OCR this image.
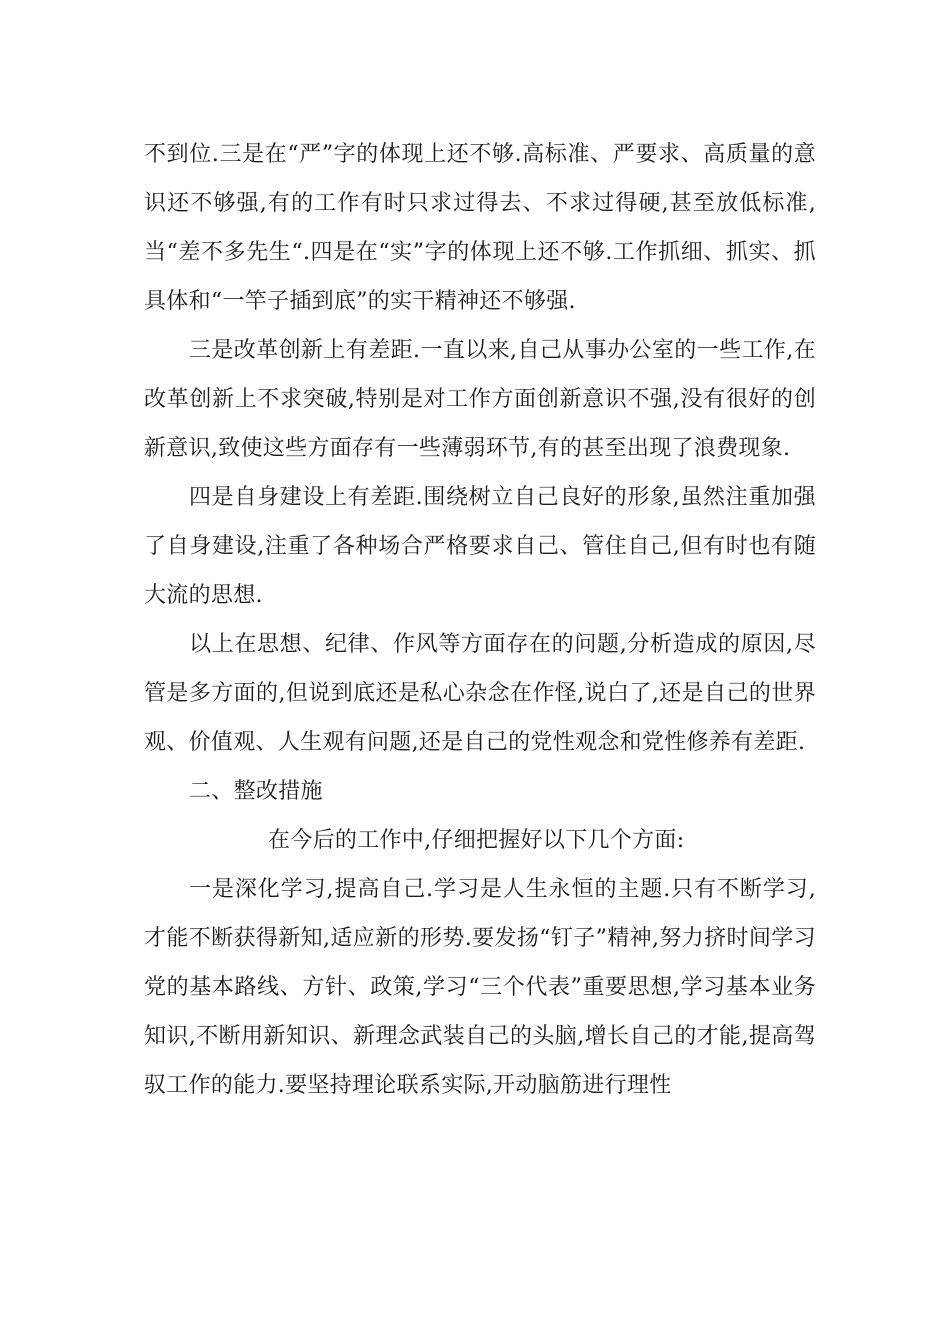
不到位.三是在“严”字的体现上还不够.高标准、严要求、高质量的意识还不够强,有的工作有时只求过得去、不求过得硬,甚至放低标准,当“差不多先生“.四是在“实”字的体现上还不够.工作抓细、抓实、抓具体和“一竿子插到底”的实干精神还不够强.

三是改革创新上有差距.一直以来,自己从事办公室的一些工作,在改革创新上不求突破,特别是对工作方面创新意识不强,没有很好的创新意识,致使这些方面存有一些薄弱环节,有的甚至出现了浪费现象.

四是自身建设上有差距.围绕树立自己良好的形象,虽然注重加强了自身建设,注重了各种场合严格要求自己、管住自己,但有时也有随大流的思想.

以上在思想、纪律、作风等方面存在的问题,分析造成的原因,尽管是多方面的,但说到底还是私心杂念在作怪,说白了,还是自己的世界观、价值观、人生观有问题,还是自己的党性观念和党性修养有差距.

二、整改措施

在今后的工作中,仔细把握好以下几个方面:

一是深化学习,提高自己.学习是人生永恒的主题.只有不断学习,才能不断获得新知,适应新的形势.要发扬“钉子”精神,努力挤时间学习党的基本路线、方针、政策,学习“三个代表”重要思想,学习基本业务知识,不断用新知识、新理念武装自己的头脑,增长自己的才能,提高驾驭工作的能力.要坚持理论联系实际,开动脑筋进行理性
